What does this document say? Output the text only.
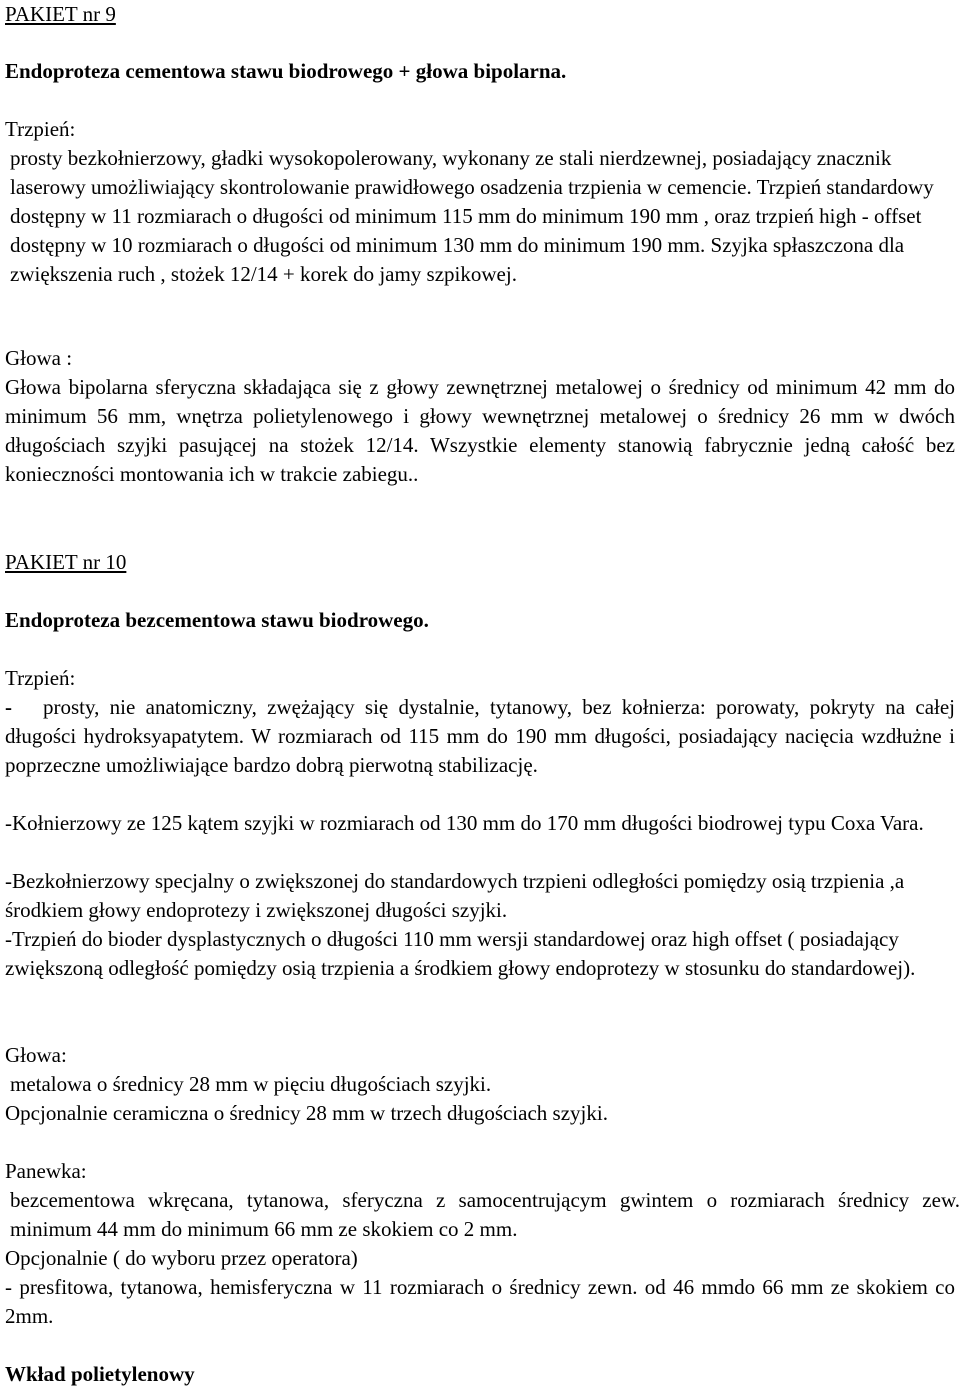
PAKIET nr 9
Endoproteza cementowa stawu biodrowego + głowa bipolarna.
Trzpień:
prosty bezkołnierzowy, gładki wysokopolerowany, wykonany ze stali nierdzewnej, posiadający znacznik laserowy umożliwiający skontrolowanie prawidłowego osadzenia trzpienia w cemencie. Trzpień standardowy dostępny w 11 rozmiarach o długości od minimum 115 mm do minimum 190 mm , oraz trzpień high - offset dostępny w 10 rozmiarach o długości od minimum 130 mm do minimum 190 mm. Szyjka spłaszczona dla zwiększenia ruch , stożek 12/14 + korek do jamy szpikowej.
Głowa :
Głowa bipolarna sferyczna składająca się z głowy zewnętrznej metalowej o średnicy od minimum 42 mm do minimum 56 mm, wnętrza polietylenowego i głowy wewnętrznej metalowej o średnicy 26 mm w dwóch długościach szyjki pasującej na stożek 12/14. Wszystkie elementy stanowią fabrycznie jedną całość bez konieczności montowania ich w trakcie zabiegu..
PAKIET nr 10
Endoproteza bezcementowa stawu biodrowego.
Trzpień:
- prosty, nie anatomiczny, zwężający się dystalnie, tytanowy, bez kołnierza: porowaty, pokryty na całej długości hydroksyapatytem. W rozmiarach od 115 mm do 190 mm długości, posiadający nacięcia wzdłużne i poprzeczne umożliwiające bardzo dobrą pierwotną stabilizację.
-Kołnierzowy ze 125 kątem szyjki w rozmiarach od 130 mm do 170 mm długości biodrowej typu Coxa Vara.
-Bezkołnierzowy specjalny o zwiększonej do standardowych trzpieni odległości pomiędzy osią trzpienia ,a środkiem głowy endoprotezy i zwiększonej długości szyjki.
-Trzpień do bioder dysplastycznych o długości 110 mm wersji standardowej oraz high offset ( posiadający zwiększoną odległość pomiędzy osią trzpienia a środkiem głowy endoprotezy w stosunku do standardowej).
Głowa:
metalowa o średnicy 28 mm w pięciu długościach szyjki.
Opcjonalnie ceramiczna o średnicy 28 mm w trzech długościach szyjki.
Panewka:
bezcementowa wkręcana, tytanowa, sferyczna z samocentrującym gwintem o rozmiarach średnicy zew. minimum 44 mm do minimum 66 mm ze skokiem co 2 mm.
Opcjonalnie ( do wyboru przez operatora)
- presfitowa, tytanowa, hemisferyczna w 11 rozmiarach o średnicy zewn. od 46 mmdo 66 mm ze skokiem co 2mm.
Wkład polietylenowy
